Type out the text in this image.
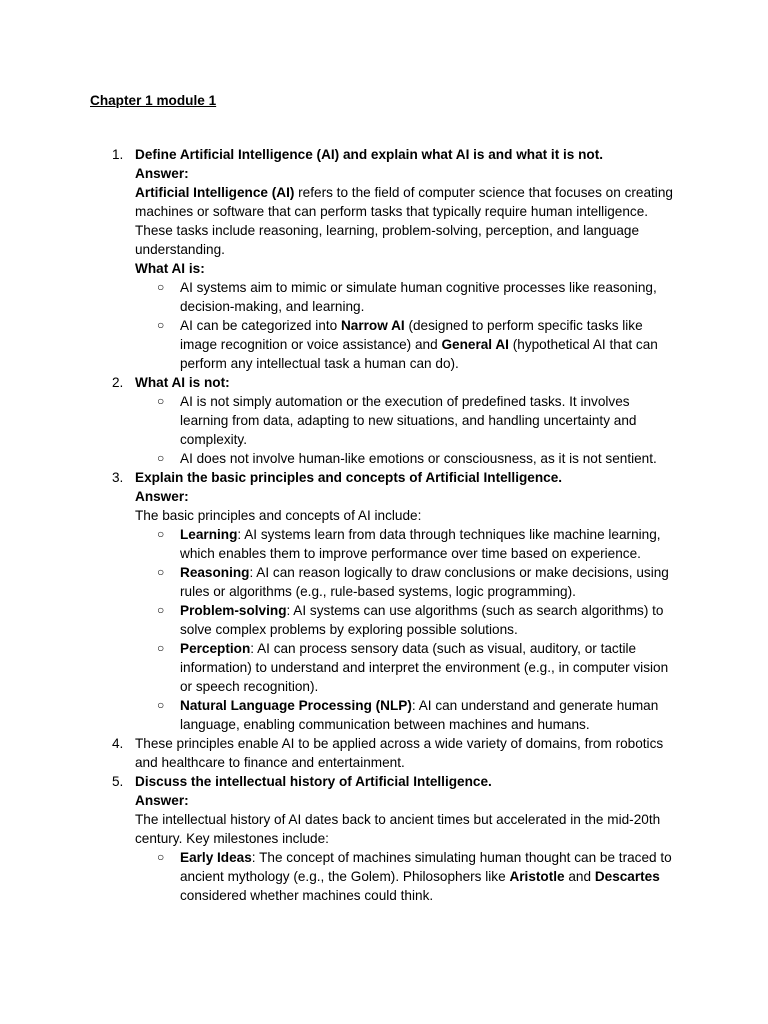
Chapter 1 module 1
1. Define Artificial Intelligence (AI) and explain what AI is and what it is not.
Answer:
Artificial Intelligence (AI) refers to the field of computer science that focuses on creating machines or software that can perform tasks that typically require human intelligence. These tasks include reasoning, learning, problem-solving, perception, and language understanding.
What AI is:
○ AI systems aim to mimic or simulate human cognitive processes like reasoning, decision-making, and learning.
○ AI can be categorized into Narrow AI (designed to perform specific tasks like image recognition or voice assistance) and General AI (hypothetical AI that can perform any intellectual task a human can do).
2. What AI is not:
○ AI is not simply automation or the execution of predefined tasks. It involves learning from data, adapting to new situations, and handling uncertainty and complexity.
○ AI does not involve human-like emotions or consciousness, as it is not sentient.
3. Explain the basic principles and concepts of Artificial Intelligence.
Answer:
The basic principles and concepts of AI include:
○ Learning: AI systems learn from data through techniques like machine learning, which enables them to improve performance over time based on experience.
○ Reasoning: AI can reason logically to draw conclusions or make decisions, using rules or algorithms (e.g., rule-based systems, logic programming).
○ Problem-solving: AI systems can use algorithms (such as search algorithms) to solve complex problems by exploring possible solutions.
○ Perception: AI can process sensory data (such as visual, auditory, or tactile information) to understand and interpret the environment (e.g., in computer vision or speech recognition).
○ Natural Language Processing (NLP): AI can understand and generate human language, enabling communication between machines and humans.
4. These principles enable AI to be applied across a wide variety of domains, from robotics and healthcare to finance and entertainment.
5. Discuss the intellectual history of Artificial Intelligence.
Answer:
The intellectual history of AI dates back to ancient times but accelerated in the mid-20th century. Key milestones include:
○ Early Ideas: The concept of machines simulating human thought can be traced to ancient mythology (e.g., the Golem). Philosophers like Aristotle and Descartes considered whether machines could think.
